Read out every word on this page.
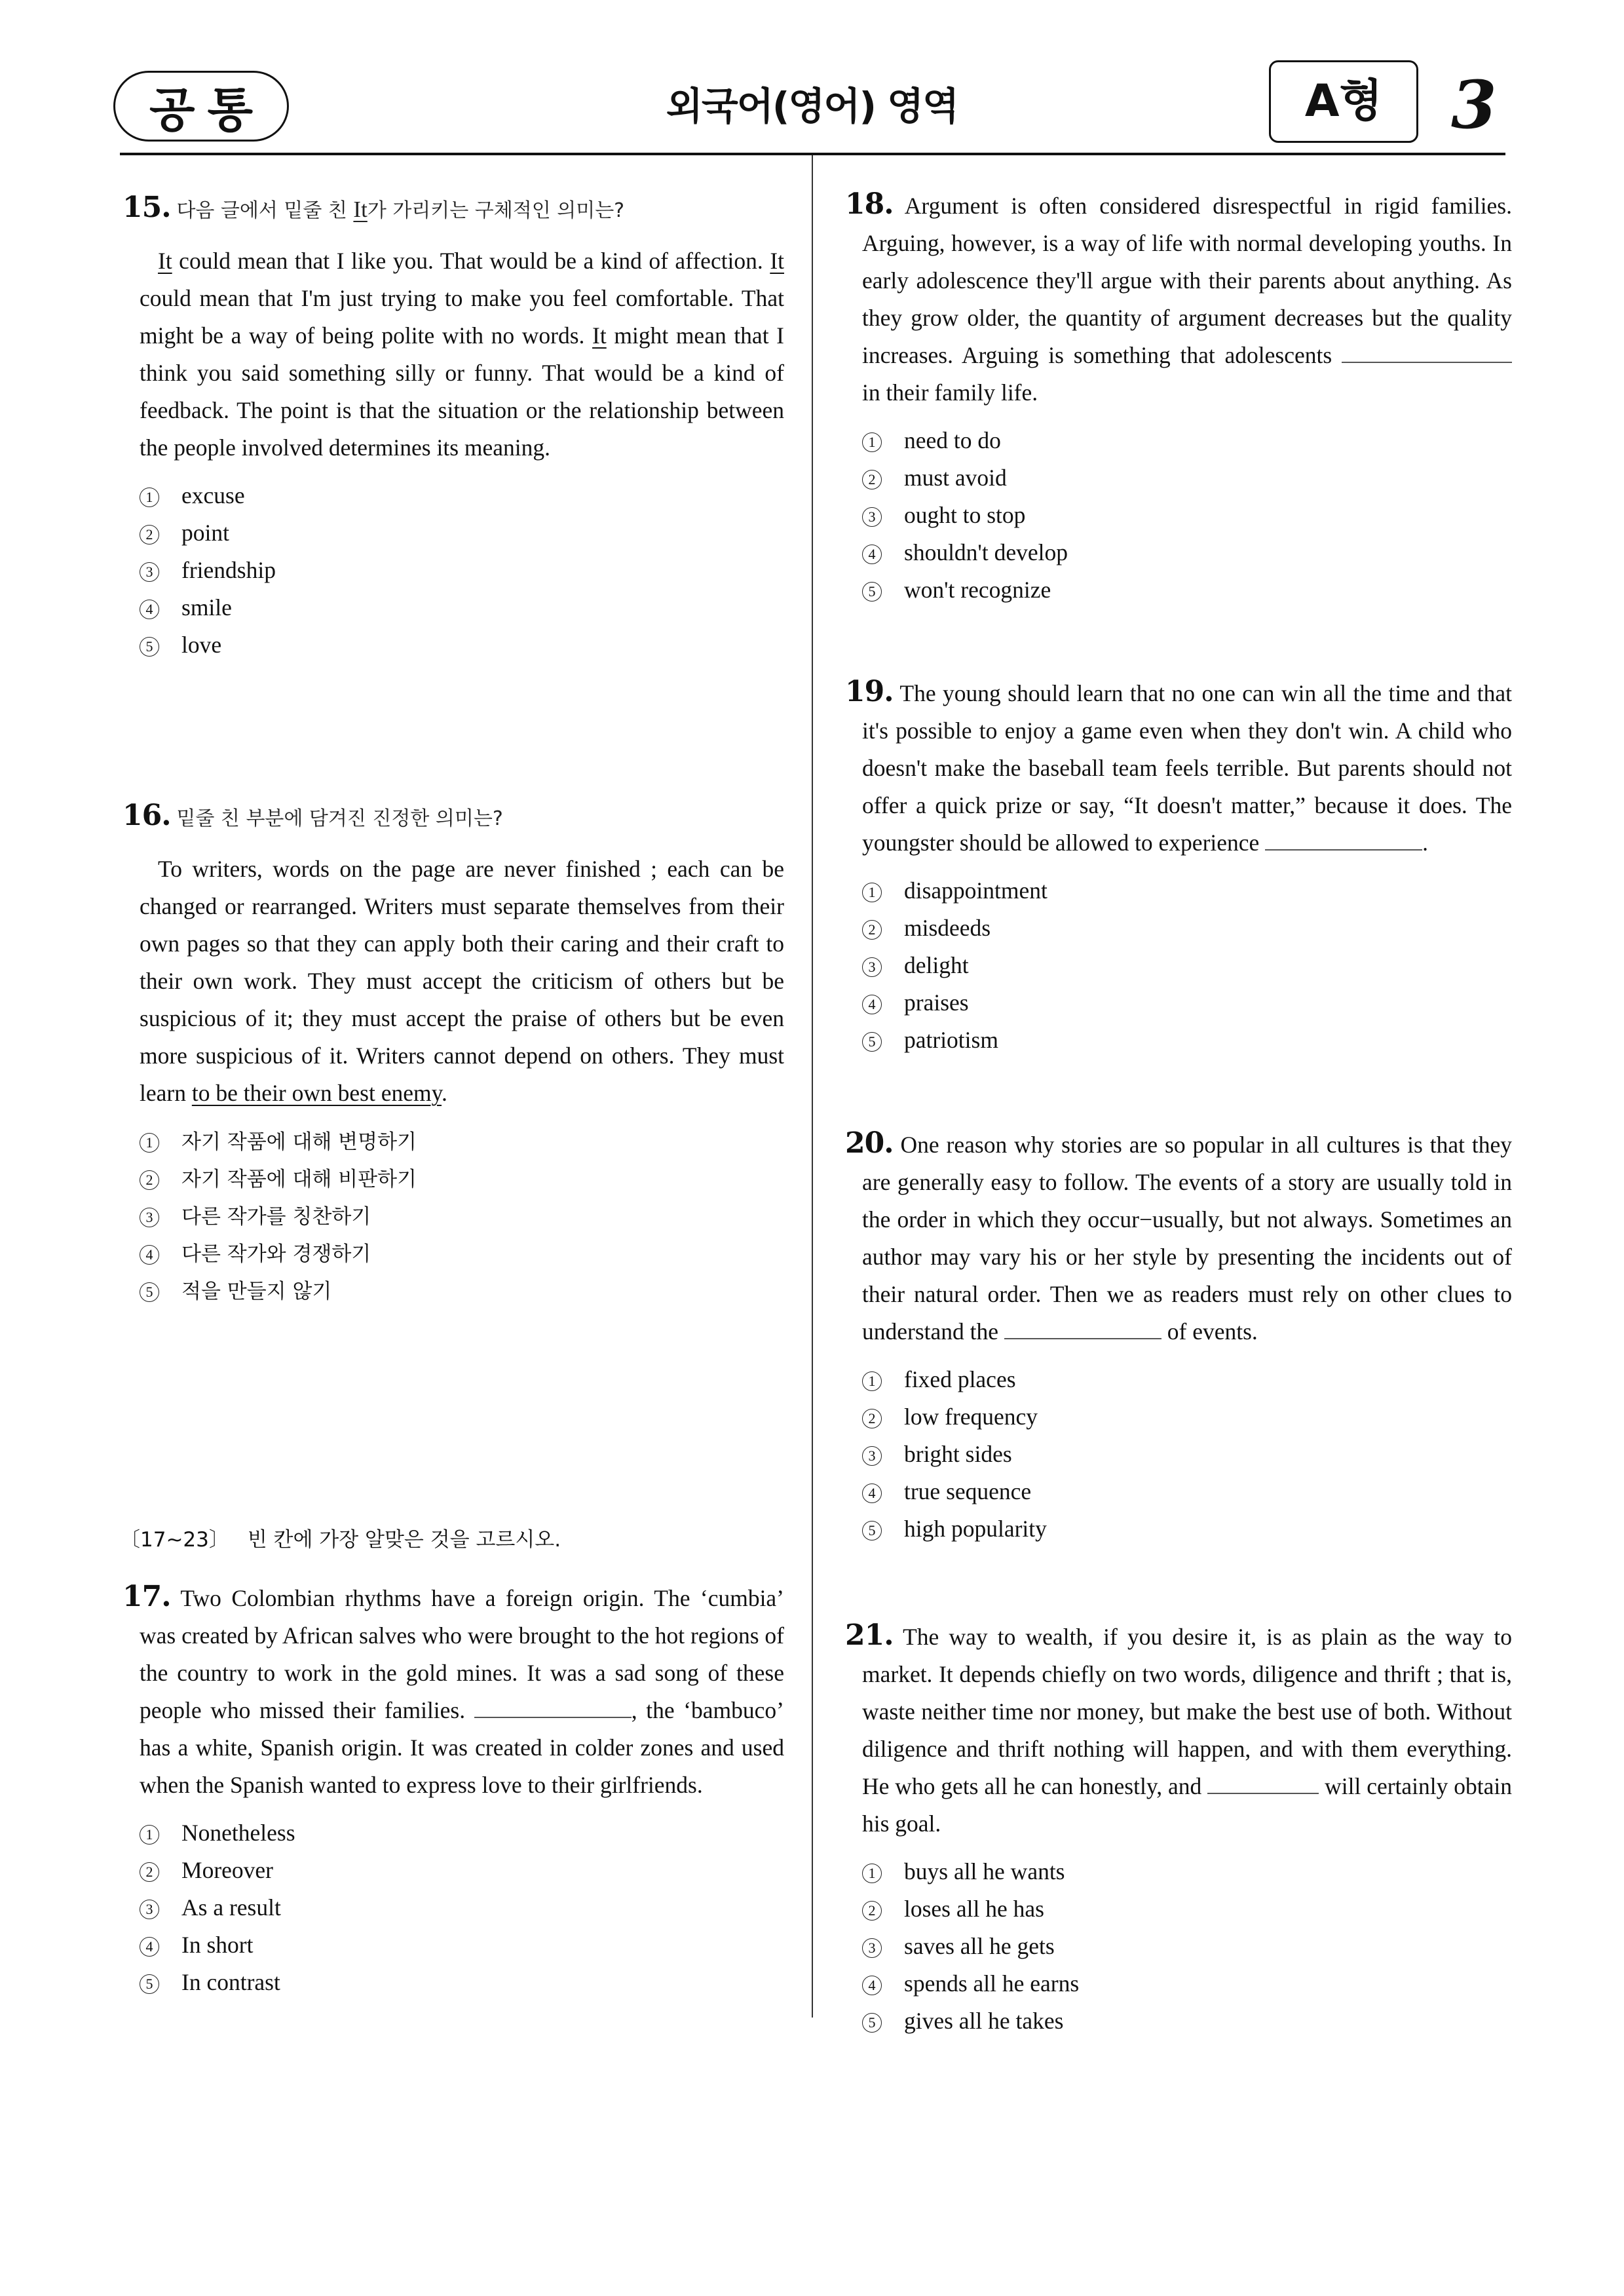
공 통	외국어(영어) 영역	A형	3
15. 다음 글에서 밑줄 친 It가 가리키는 구체적인 의미는?
It could mean that I like you. That would be a kind of affection. It could mean that I'm just trying to make you feel comfortable. That might be a way of being polite with no words. It might mean that I think you said something silly or funny. That would be a kind of feedback. The point is that the situation or the relationship between the people involved determines its meaning.
1 excuse2 point 3 friendship4 smile 5 love
16. 밑줄 친 부분에 담겨진 진정한 의미는?
To writers, words on the page are never finished ; each can be changed or rearranged. Writers must separate themselves from their own pages so that they can apply both their caring and their craft to their own work. They must accept the criticism of others but be suspicious of it; they must accept the praise of others but be even more suspicious of it. Writers cannot depend on others. They must learn to be their own best enemy.
1 자기 작품에 대해 변명하기 2 자기 작품에 대해 비판하기 3 다른 작가를 칭찬하기 4 다른 작가와 경쟁하기 5 적을 만들지 않기
〔17∼23〕 빈 칸에 가장 알맞은 것을 고르시오.
17. Two Colombian rhythms have a foreign origin. The ‘cumbia’ was created by African salves who were brought to the hot regions of the country to work in the gold mines. It was a sad song of these people who missed their families.	, the ‘bambuco’ has a white, Spanish origin. It was created in colder zones and used when the Spanish wanted to express love to their girlfriends.
1 Nonetheless 2 Moreover 3 As a result 4 In short 5 In contrast
18. Argument is often considered disrespectful in rigid families. Arguing, however, is a way of life with normal developing youths. In early adolescence they'll argue with their parents about anything. As they grow older, the quantity of argument decreases but the quality increases. Arguing is something that adolescents  in their family life.
1 need to do2 must avoid 3 ought to stop4 shouldn't develop 5 won't recognize
19. The young should learn that no one can win all the time and that it's possible to enjoy a game even when they don't win. A child who doesn't make the baseball team feels terrible. But parents should not offer a quick prize or say, “It doesn't matter,” because it does. The youngster should be allowed to experience	.
1 disappointment2 misdeeds 3 delight4 praises 5 patriotism
20. One reason why stories are so popular in all cultures is that they are generally easy to follow. The events of a story are usually told in the order in which they occur−usually, but not always. Sometimes an author may vary his or her style by presenting the incidents out of their natural order. Then we as readers must rely on other clues to understand the	of events.
1 fixed places2 low frequency 3 bright sides4 true sequence 5 high popularity
21. The way to wealth, if you desire it, is as plain as the way to market. It depends chiefly on two words, diligence and thrift ; that is, waste neither time nor money, but make the best use of both. Without diligence and thrift nothing will happen, and with them everything. He who gets all he can honestly, and	will certainly obtain his goal.
1 buys all he wants 2 loses all he has 3 saves all he gets 4 spends all he earns 5 gives all he takes
